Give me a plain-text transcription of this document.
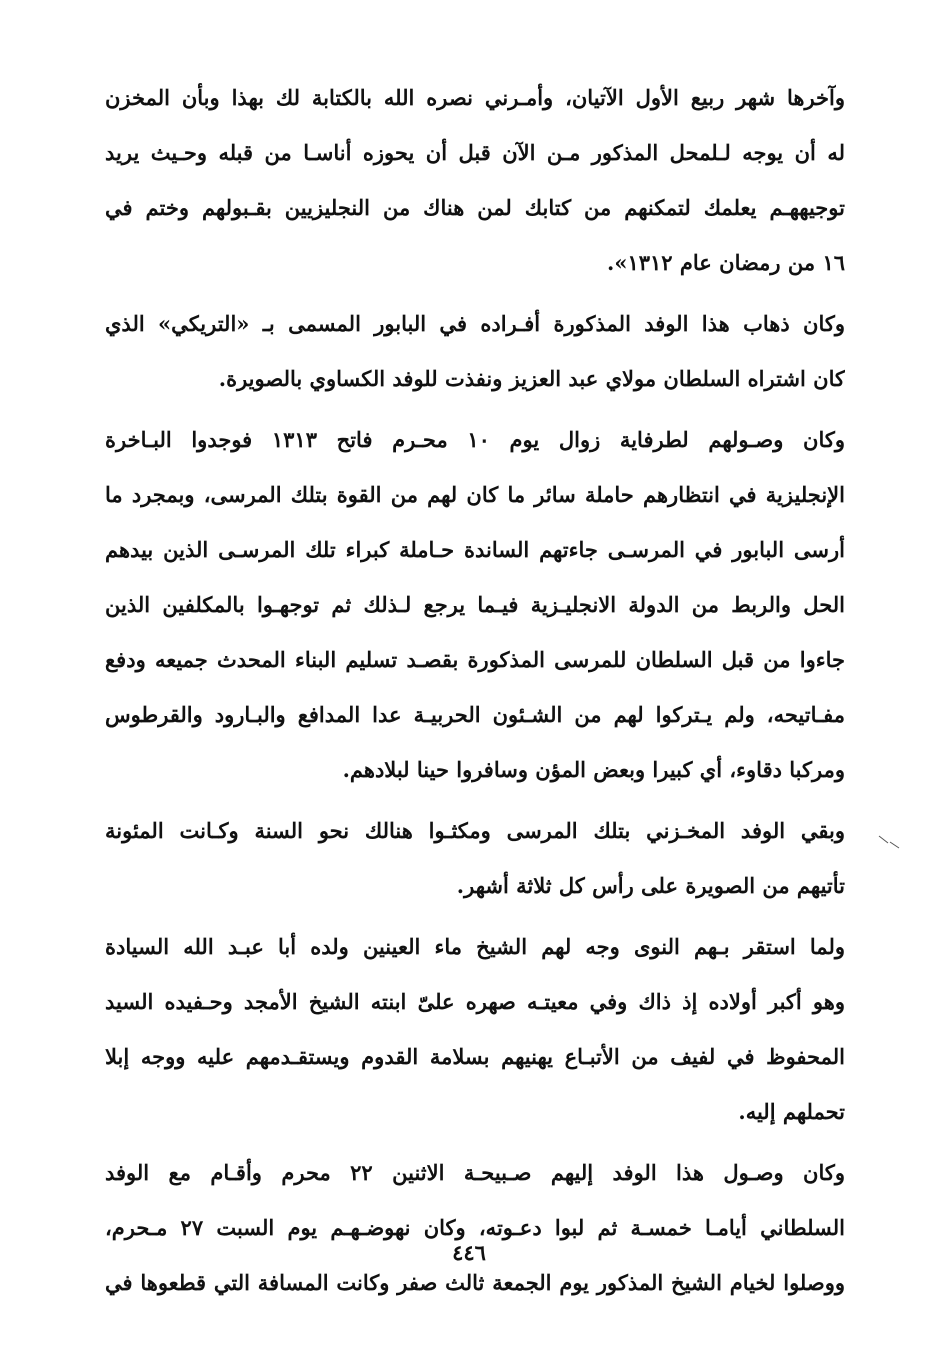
وآخرها شهر ربيع الأول الآتيان، وأمـرني نصره الله بالكتابة لك بهذا وبأن المخزن
له أن يوجه لـلمحل المذكور مـن الآن قبل أن يحوزه أناسـا من قبله وحـيث يريد
توجيههـم يعلمك لتمكنهم من كتابك لمن هناك من النجليزيين بقـبولهم وختم في
١٦ من رمضان عام ١٣١٢».
وكان ذهاب هذا الوفد المذكورة أفـراده في البابور المسمى بـ «التريكي» الذي
كان اشتراه السلطان مولاي عبد العزيز ونفذت للوفد الكساوي بالصويرة.
وكان وصـولهم لطرفاية زوال يوم ١٠ محـرم فاتح ١٣١٣ فوجدوا البـاخرة
الإنجليزية في انتظارهم حاملة سائر ما كان لهم من القوة بتلك المرسى، وبمجرد ما
أرسى البابور في المرسـى جاءتهم الساندة حـاملة كبراء تلك المرسـى الذين بيدهم
الحل والربط من الدولة الانجليـزية فيـما يرجع لـذلك ثم توجهـوا بالمكلفين الذين
جاءوا من قبل السلطان للمرسى المذكورة بقصـد تسليم البناء المحدث جميعه ودفع
مفـاتيحه، ولم يـتركوا لهم من الشـئون الحربيـة عدا المدافع والبـارود والقرطوس
ومركبا دقاوء، أي كبيرا وبعض المؤن وسافروا حينا لبلادهم.
وبقي الوفد المخـزني بتلك المرسى ومكثـوا هنالك نحو السنة وكـانت المئونة
تأتيهم من الصويرة على رأس كل ثلاثة أشهر.
ولما استقر بـهم النوى وجه لهم الشيخ ماء العينين ولده أبا عبـد الله السيادة
وهو أكبر أولاده إذ ذاك وفي معيتـه صهره علىّ ابنته الشيخ الأمجد وحـفيده السيد
المحفوظ في لفيف من الأتبـاع يهنيهم بسلامة القدوم ويستقـدمهم عليه ووجه إبلا
تحملهم إليه.
وكان وصـول هذا الوفد إليهم صـبيحـة الاثنين ٢٢ محرم وأقـام مع الوفد
السلطاني أيامـا خمسـة ثم لبوا دعـوته، وكان نهوضـهـم يوم السبت ٢٧ مـحرم،
ووصلوا لخيام الشيخ المذكور يوم الجمعة ثالث صفر وكانت المسافة التي قطعوها في
٤٤٦
